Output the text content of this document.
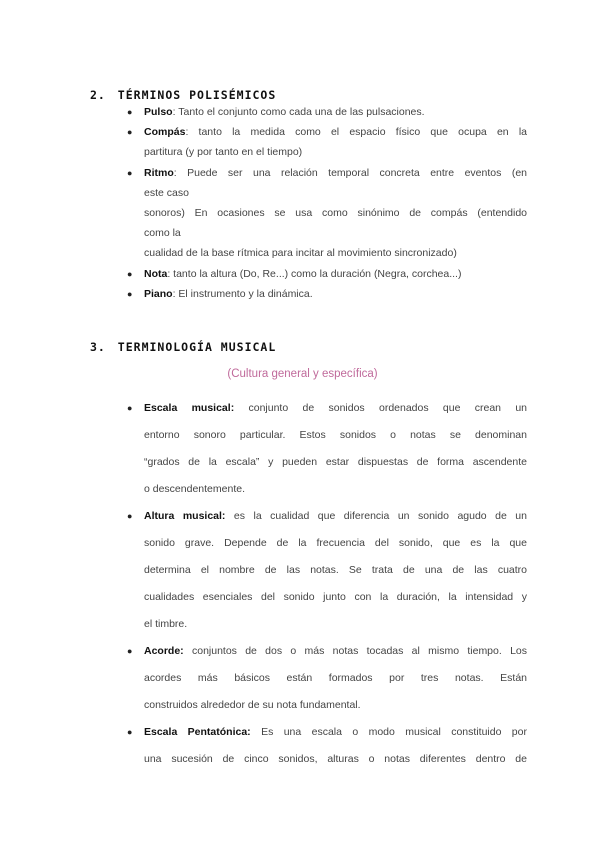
2. TÉRMINOS POLISÉMICOS
● Pulso: Tanto el conjunto como cada una de las pulsaciones.
● Compás: tanto la medida como el espacio físico que ocupa en la
partitura (y por tanto en el tiempo)
● Ritmo: Puede ser una relación temporal concreta entre eventos (en
este caso
sonoros) En ocasiones se usa como sinónimo de compás (entendido
como la
cualidad de la base rítmica para incitar al movimiento sincronizado)
● Nota: tanto la altura (Do, Re...) como la duración (Negra, corchea...)
● Piano: El instrumento y la dinámica.
3. TERMINOLOGÍA MUSICAL
(Cultura general y específica)
● Escala musical: conjunto de sonidos ordenados que crean un
entorno sonoro particular. Estos sonidos o notas se denominan
“grados de la escala” y pueden estar dispuestas de forma ascendente
o descendentemente.
● Altura musical: es la cualidad que diferencia un sonido agudo de un
sonido grave. Depende de la frecuencia del sonido, que es la que
determina el nombre de las notas. Se trata de una de las cuatro
cualidades esenciales del sonido junto con la duración, la intensidad y
el timbre.
● Acorde: conjuntos de dos o más notas tocadas al mismo tiempo. Los
acordes más básicos están formados por tres notas. Están
construidos alrededor de su nota fundamental.
● Escala Pentatónica: Es una escala o modo musical constituido por
una sucesión de cinco sonidos, alturas o notas diferentes dentro de
